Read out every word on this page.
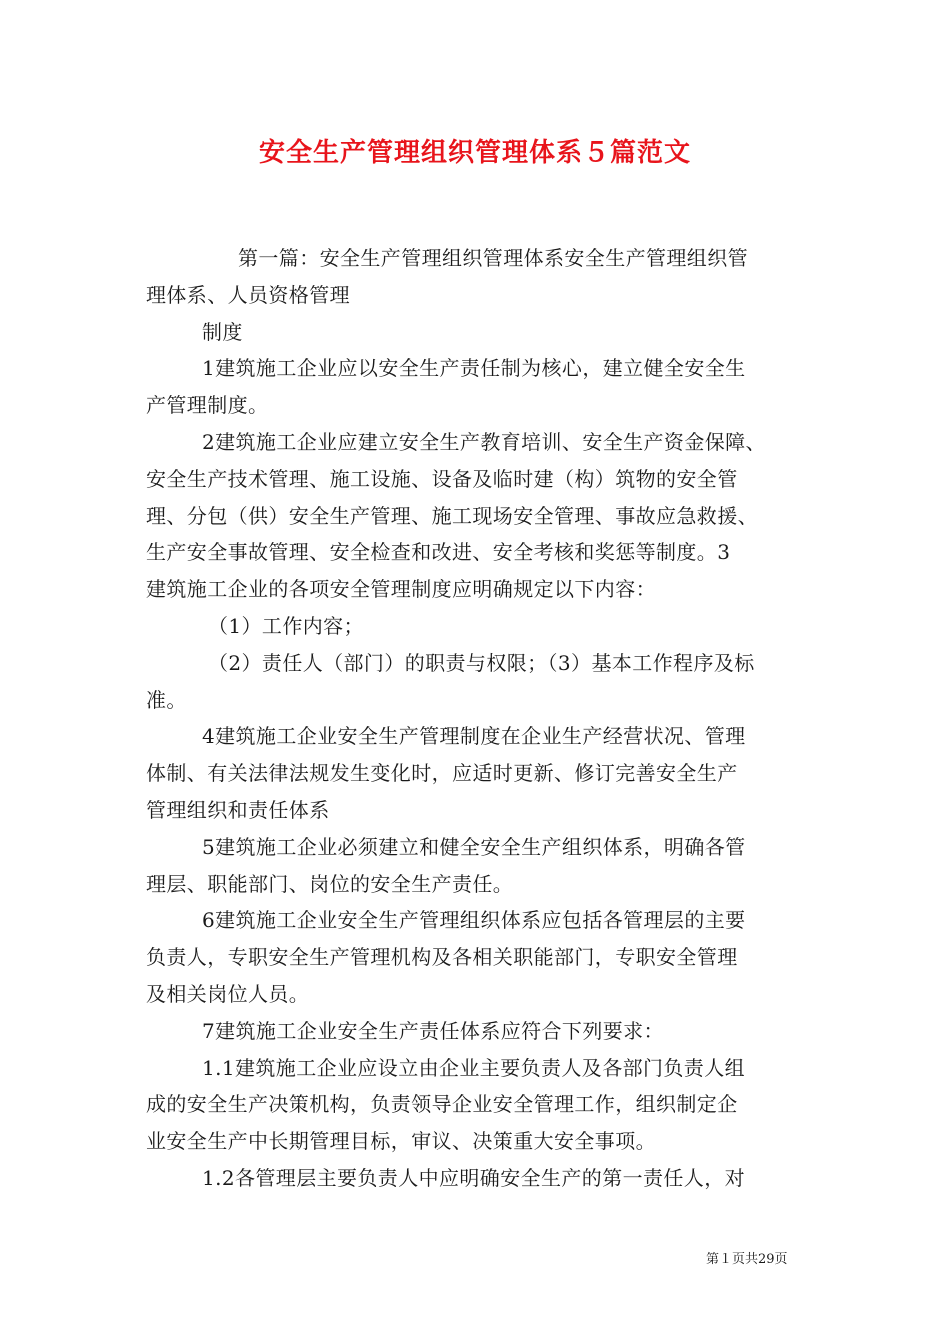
安全生产管理组织管理体系５篇范文

第一篇：安全生产管理组织管理体系安全生产管理组织管

理体系、人员资格管理

制度

1建筑施工企业应以安全生产责任制为核心，建立健全安全生

产管理制度。

2建筑施工企业应建立安全生产教育培训、安全生产资金保障、

安全生产技术管理、施工设施、设备及临时建（构）筑物的安全管

理、分包（供）安全生产管理、施工现场安全管理、事故应急救援、

生产安全事故管理、安全检查和改进、安全考核和奖惩等制度。3

建筑施工企业的各项安全管理制度应明确规定以下内容：

（1）工作内容；

（2）责任人（部门）的职责与权限；（3）基本工作程序及标

准。

4建筑施工企业安全生产管理制度在企业生产经营状况、管理

体制、有关法律法规发生变化时，应适时更新、修订完善安全生产

管理组织和责任体系

5建筑施工企业必须建立和健全安全生产组织体系，明确各管

理层、职能部门、岗位的安全生产责任。

6建筑施工企业安全生产管理组织体系应包括各管理层的主要

负责人，专职安全生产管理机构及各相关职能部门，专职安全管理

及相关岗位人员。

7建筑施工企业安全生产责任体系应符合下列要求：

1.1建筑施工企业应设立由企业主要负责人及各部门负责人组

成的安全生产决策机构，负责领导企业安全管理工作，组织制定企

业安全生产中长期管理目标，审议、决策重大安全事项。

1.2各管理层主要负责人中应明确安全生产的第一责任人，对

第１页共29页
